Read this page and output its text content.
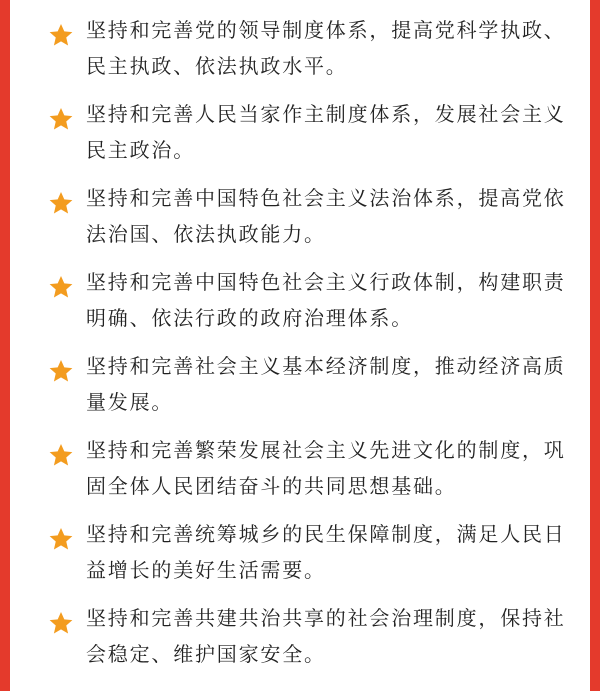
坚持和完善党的领导制度体系，提高党科学执政、民主执政、依法执政水平。
坚持和完善人民当家作主制度体系，发展社会主义民主政治。
坚持和完善中国特色社会主义法治体系，提高党依法治国、依法执政能力。
坚持和完善中国特色社会主义行政体制，构建职责明确、依法行政的政府治理体系。
坚持和完善社会主义基本经济制度，推动经济高质量发展。
坚持和完善繁荣发展社会主义先进文化的制度，巩固全体人民团结奋斗的共同思想基础。
坚持和完善统筹城乡的民生保障制度，满足人民日益增长的美好生活需要。
坚持和完善共建共治共享的社会治理制度，保持社会稳定、维护国家安全。
